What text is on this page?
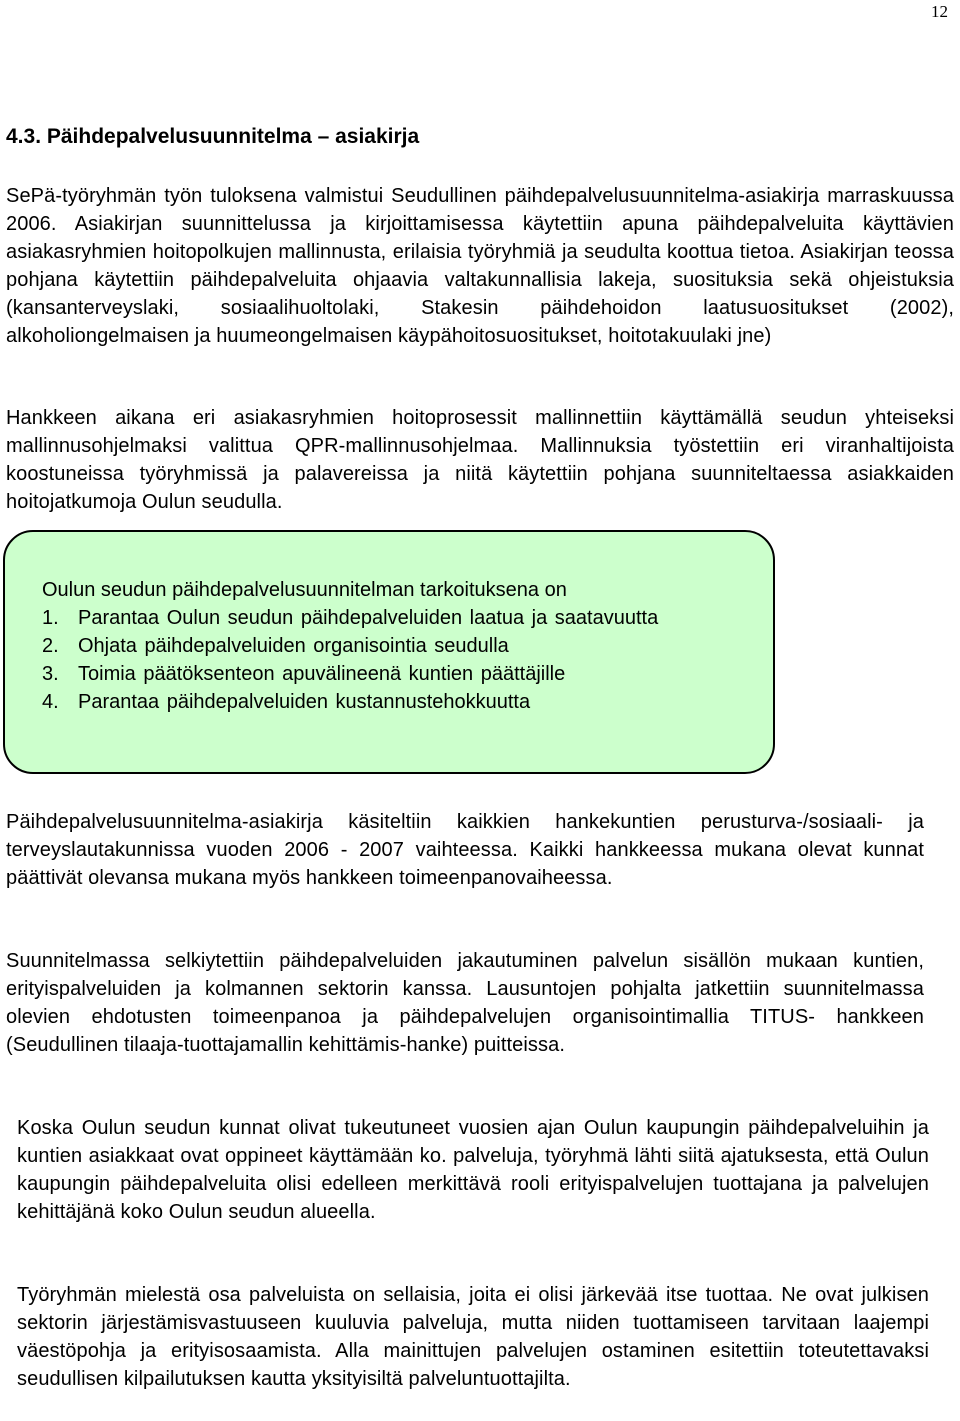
12
4.3. Päihdepalvelusuunnitelma – asiakirja

SePä-työryhmän työn tuloksena valmistui Seudullinen päihdepalvelusuunnitelma-asiakirja marraskuussa 2006. Asiakirjan suunnittelussa ja kirjoittamisessa käytettiin apuna päihdepalveluita käyttävien asiakasryhmien hoitopolkujen mallinnusta, erilaisia työryhmiä ja seudulta koottua tietoa. Asiakirjan teossa pohjana käytettiin päihdepalveluita ohjaavia valtakunnallisia lakeja, suosituksia sekä ohjeistuksia (kansanterveyslaki, sosiaalihuoltolaki, Stakesin päihdehoidon laatusuositukset (2002), alkoholiongelmaisen ja huumeongelmaisen käypähoitosuositukset, hoitotakuulaki jne)

Hankkeen aikana eri asiakasryhmien hoitoprosessit mallinnettiin käyttämällä seudun yhteiseksi mallinnusohjelmaksi valittua QPR-mallinnusohjelmaa. Mallinnuksia työstettiin eri viranhaltijoista koostuneissa työryhmissä ja palavereissa ja niitä käytettiin pohjana suunniteltaessa asiakkaiden hoitojatkumoja Oulun seudulla.

Oulun seudun päihdepalvelusuunnitelman tarkoituksena on

1. Parantaa Oulun seudun päihdepalveluiden laatua ja saatavuutta
2. Ohjata päihdepalveluiden organisointia seudulla
3. Toimia päätöksenteon apuvälineenä kuntien päättäjille
4. Parantaa päihdepalveluiden kustannustehokkuutta

Päihdepalvelusuunnitelma-asiakirja käsiteltiin kaikkien hankekuntien perusturva-/sosiaali- ja terveyslautakunnissa vuoden 2006 - 2007 vaihteessa. Kaikki hankkeessa mukana olevat kunnat päättivät olevansa mukana myös hankkeen toimeenpanovaiheessa.

Suunnitelmassa selkiytettiin päihdepalveluiden jakautuminen palvelun sisällön mukaan kuntien, erityispalveluiden ja kolmannen sektorin kanssa. Lausuntojen pohjalta jatkettiin suunnitelmassa olevien ehdotusten toimeenpanoa ja päihdepalvelujen organisointimallia TITUS- hankkeen (Seudullinen tilaaja-tuottajamallin kehittämis-hanke) puitteissa.

Koska Oulun seudun kunnat olivat tukeutuneet vuosien ajan Oulun kaupungin päihdepalveluihin ja kuntien asiakkaat ovat oppineet käyttämään ko. palveluja, työryhmä lähti siitä ajatuksesta, että Oulun kaupungin päihdepalveluita olisi edelleen merkittävä rooli erityispalvelujen tuottajana ja palvelujen kehittäjänä koko Oulun seudun alueella.

Työryhmän mielestä osa palveluista on sellaisia, joita ei olisi järkevää itse tuottaa. Ne ovat julkisen sektorin järjestämisvastuuseen kuuluvia palveluja, mutta niiden tuottamiseen tarvitaan laajempi väestöpohja ja erityisosaamista. Alla mainittujen palvelujen ostaminen esitettiin toteutettavaksi seudullisen kilpailutuksen kautta yksityisiltä palveluntuottajilta.
